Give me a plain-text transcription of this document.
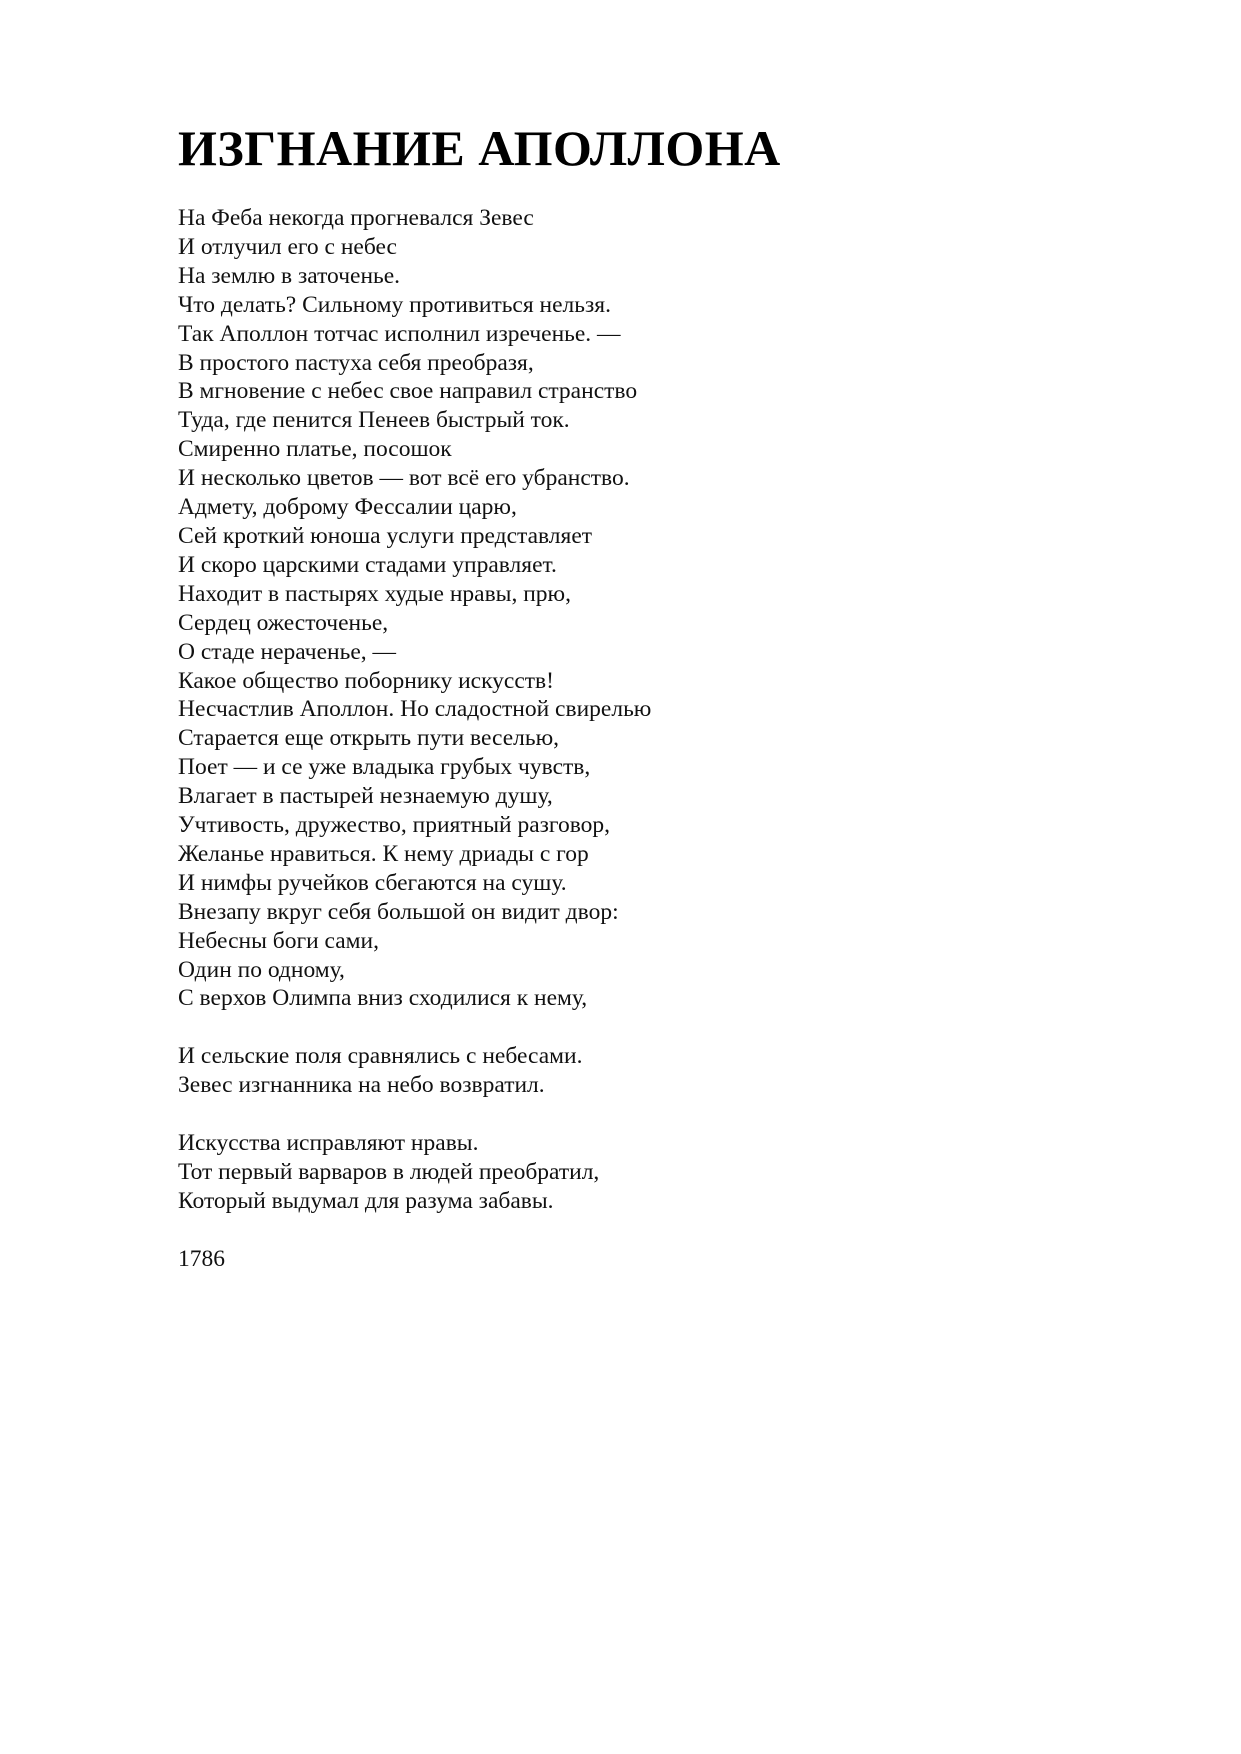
ИЗГНАНИЕ АПОЛЛОНА
На Феба некогда прогневался Зевес
И отлучил его с небес
На землю в заточенье.
Что делать? Сильному противиться нельзя.
Так Аполлон тотчас исполнил изреченье. —
В простого пастуха себя преобразя,
В мгновение с небес свое направил странство
Туда, где пенится Пенеев быстрый ток.
Смиренно платье, посошок
И несколько цветов — вот всё его убранство.
Адмету, доброму Фессалии царю,
Сей кроткий юноша услуги представляет
И скоро царскими стадами управляет.
Находит в пастырях худые нравы, прю,
Сердец ожесточенье,
О стаде нераченье, —
Какое общество поборнику искусств!
Несчастлив Аполлон. Но сладостной свирелью
Старается еще открыть пути веселью,
Поет — и се уже владыка грубых чувств,
Влагает в пастырей незнаемую душу,
Учтивость, дружество, приятный разговор,
Желанье нравиться. К нему дриады с гор
И нимфы ручейков сбегаются на сушу.
Внезапу вкруг себя большой он видит двор:
Небесны боги сами,
Один по одному,
С верхов Олимпа вниз сходилися к нему,
И сельские поля сравнялись с небесами.
Зевес изгнанника на небо возвратил.
Искусства исправляют нравы.
Тот первый варваров в людей преобратил,
Который выдумал для разума забавы.
1786
